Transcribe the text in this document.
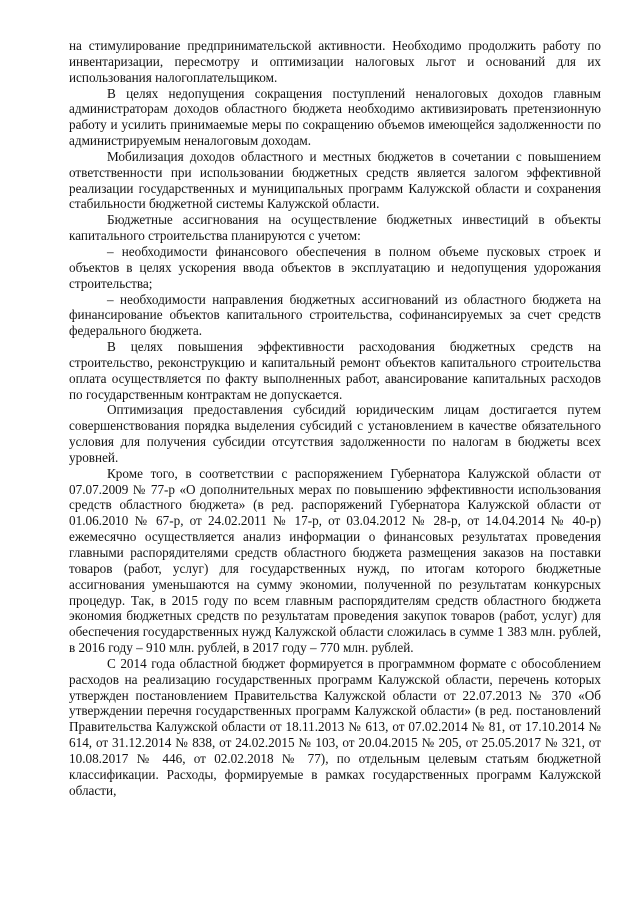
на стимулирование предпринимательской активности. Необходимо продолжить работу по инвентаризации, пересмотру и оптимизации налоговых льгот и оснований для их использования налогоплательщиком.

В целях недопущения сокращения поступлений неналоговых доходов главным администраторам доходов областного бюджета необходимо активизировать претензионную работу и усилить принимаемые меры по сокращению объемов имеющейся задолженности по администрируемым неналоговым доходам.

Мобилизация доходов областного и местных бюджетов в сочетании с повышением ответственности при использовании бюджетных средств является залогом эффективной реализации государственных и муниципальных программ Калужской области и сохранения стабильности бюджетной системы Калужской области.

Бюджетные ассигнования на осуществление бюджетных инвестиций в объекты капитального строительства планируются с учетом:

– необходимости финансового обеспечения в полном объеме пусковых строек и объектов в целях ускорения ввода объектов в эксплуатацию и недопущения удорожания строительства;

– необходимости направления бюджетных ассигнований из областного бюджета на финансирование объектов капитального строительства, софинансируемых за счет средств федерального бюджета.

В целях повышения эффективности расходования бюджетных средств на строительство, реконструкцию и капитальный ремонт объектов капитального строительства оплата осуществляется по факту выполненных работ, авансирование капитальных расходов по государственным контрактам не допускается.

Оптимизация предоставления субсидий юридическим лицам достигается путем совершенствования порядка выделения субсидий с установлением в качестве обязательного условия для получения субсидии отсутствия задолженности по налогам в бюджеты всех уровней.

Кроме того, в соответствии с распоряжением Губернатора Калужской области от 07.07.2009 № 77-р «О дополнительных мерах по повышению эффективности использования средств областного бюджета» (в ред. распоряжений Губернатора Калужской области от 01.06.2010 № 67-р, от 24.02.2011 № 17-р, от 03.04.2012 № 28-р, от 14.04.2014 № 40-р) ежемесячно осуществляется анализ информации о финансовых результатах проведения главными распорядителями средств областного бюджета размещения заказов на поставки товаров (работ, услуг) для государственных нужд, по итогам которого бюджетные ассигнования уменьшаются на сумму экономии, полученной по результатам конкурсных процедур. Так, в 2015 году по всем главным распорядителям средств областного бюджета экономия бюджетных средств по результатам проведения закупок товаров (работ, услуг) для обеспечения государственных нужд Калужской области сложилась в сумме 1 383 млн. рублей, в 2016 году – 910 млн. рублей, в 2017 году – 770 млн. рублей.

С 2014 года областной бюджет формируется в программном формате с обособлением расходов на реализацию государственных программ Калужской области, перечень которых утвержден постановлением Правительства Калужской области от 22.07.2013 № 370 «Об утверждении перечня государственных программ Калужской области» (в ред. постановлений Правительства Калужской области от 18.11.2013 № 613, от 07.02.2014 № 81, от 17.10.2014 № 614, от 31.12.2014 № 838, от 24.02.2015 № 103, от 20.04.2015 № 205, от 25.05.2017 № 321, от 10.08.2017 № 446, от 02.02.2018 № 77), по отдельным целевым статьям бюджетной классификации. Расходы, формируемые в рамках государственных программ Калужской области,
